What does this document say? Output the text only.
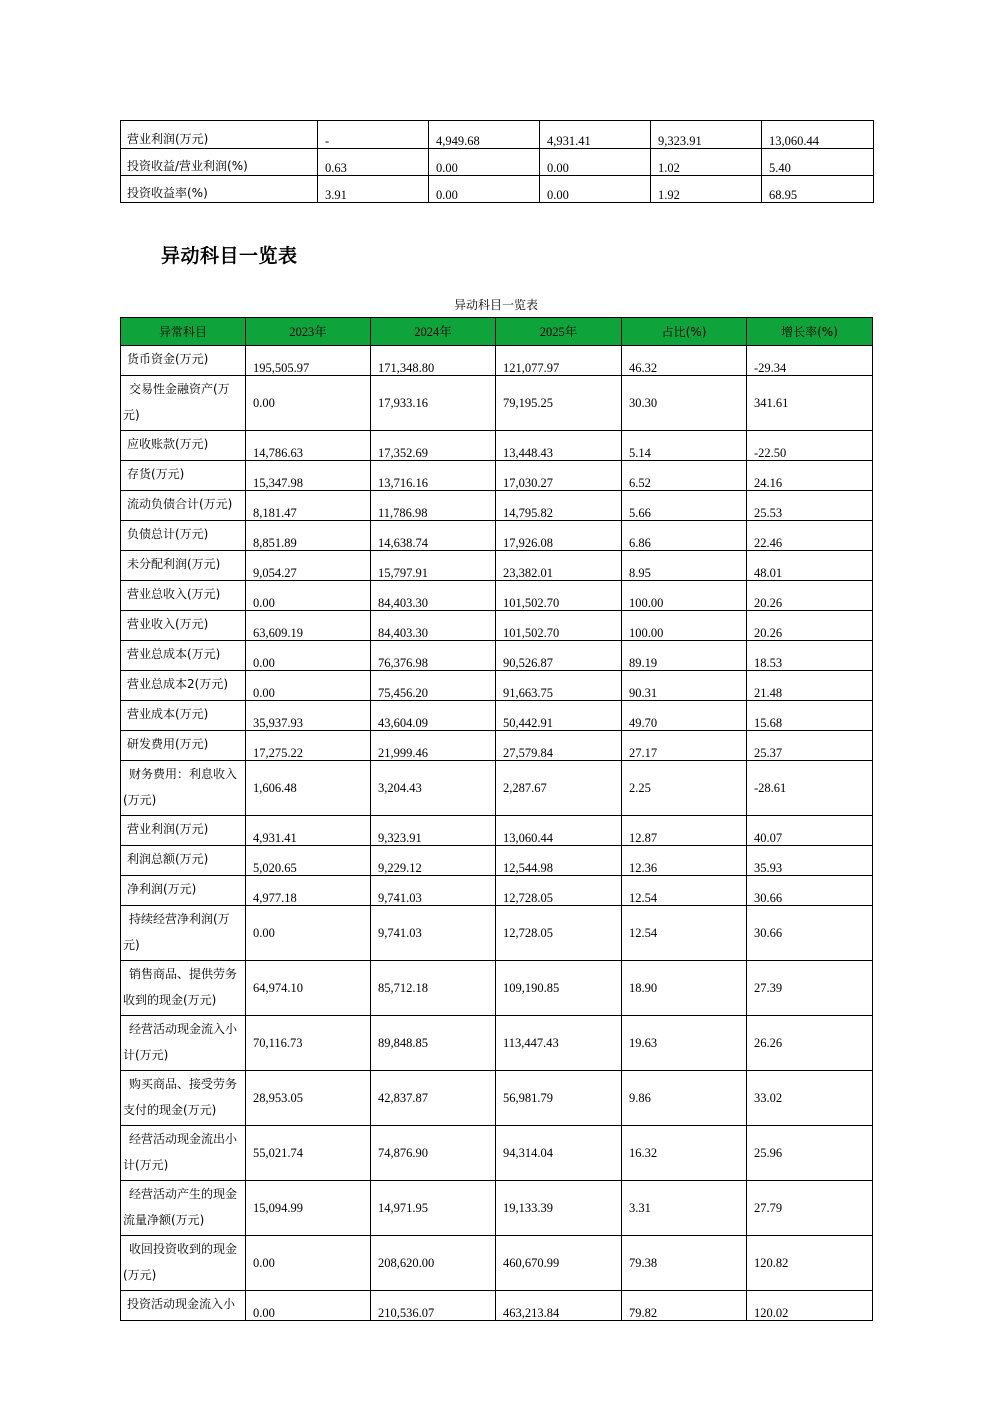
营业利润(万元)	-	4,949.68	4,931.41	9,323.91	13,060.44
投资收益/营业利润(%)	0.63	0.00	0.00	1.02	5.40
投资收益率(%)	3.91	0.00	0.00	1.92	68.95
异动科目一览表
异动科目一览表
异常科目	2023年	2024年	2025年	占比(%)	增长率(%)
货币资金(万元)	195,505.97	171,348.80	121,077.97	46.32	-29.34
交易性金融资产(万元)	0.00	17,933.16	79,195.25	30.30	341.61
应收账款(万元)	14,786.63	17,352.69	13,448.43	5.14	-22.50
存货(万元)	15,347.98	13,716.16	17,030.27	6.52	24.16
流动负债合计(万元)	8,181.47	11,786.98	14,795.82	5.66	25.53
负债总计(万元)	8,851.89	14,638.74	17,926.08	6.86	22.46
未分配利润(万元)	9,054.27	15,797.91	23,382.01	8.95	48.01
营业总收入(万元)	0.00	84,403.30	101,502.70	100.00	20.26
营业收入(万元)	63,609.19	84,403.30	101,502.70	100.00	20.26
营业总成本(万元)	0.00	76,376.98	90,526.87	89.19	18.53
营业总成本2(万元)	0.00	75,456.20	91,663.75	90.31	21.48
营业成本(万元)	35,937.93	43,604.09	50,442.91	49.70	15.68
研发费用(万元)	17,275.22	21,999.46	27,579.84	27.17	25.37
财务费用：利息收入(万元)	1,606.48	3,204.43	2,287.67	2.25	-28.61
营业利润(万元)	4,931.41	9,323.91	13,060.44	12.87	40.07
利润总额(万元)	5,020.65	9,229.12	12,544.98	12.36	35.93
净利润(万元)	4,977.18	9,741.03	12,728.05	12.54	30.66
持续经营净利润(万元)	0.00	9,741.03	12,728.05	12.54	30.66
销售商品、提供劳务收到的现金(万元)	64,974.10	85,712.18	109,190.85	18.90	27.39
经营活动现金流入小计(万元)	70,116.73	89,848.85	113,447.43	19.63	26.26
购买商品、接受劳务支付的现金(万元)	28,953.05	42,837.87	56,981.79	9.86	33.02
经营活动现金流出小计(万元)	55,021.74	74,876.90	94,314.04	16.32	25.96
经营活动产生的现金流量净额(万元)	15,094.99	14,971.95	19,133.39	3.31	27.79
收回投资收到的现金(万元)	0.00	208,620.00	460,670.99	79.38	120.82
投资活动现金流入小	0.00	210,536.07	463,213.84	79.82	120.02
